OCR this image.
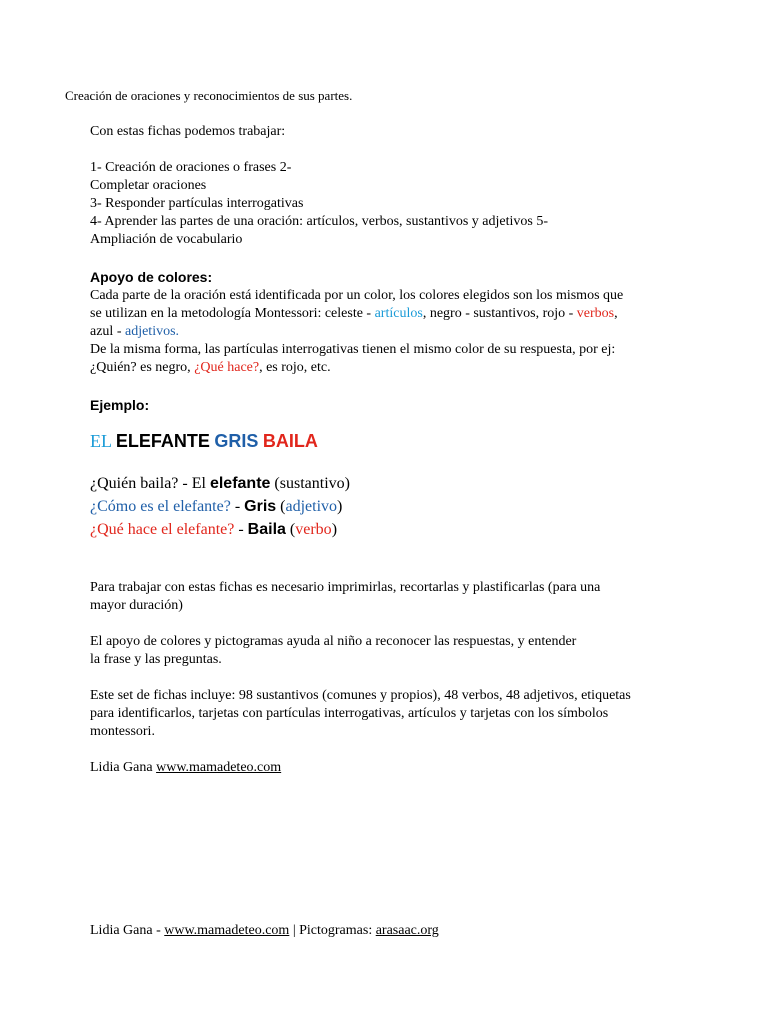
Creación de oraciones y reconocimientos de sus partes.
Con estas fichas podemos trabajar:
1- Creación de oraciones o frases 2-
Completar oraciones
3- Responder partículas interrogativas
4- Aprender las partes de una oración: artículos, verbos, sustantivos y adjetivos 5-
Ampliación de vocabulario
Apoyo de colores:
Cada parte de la oración está identificada por un color, los colores elegidos son los mismos que
se utilizan en la metodología Montessori: celeste - artículos, negro - sustantivos, rojo - verbos,
azul - adjetivos.
De la misma forma, las partículas interrogativas tienen el mismo color de su respuesta, por ej:
¿Quién? es negro, ¿Qué hace?, es rojo, etc.
Ejemplo:
EL ELEFANTE GRIS BAILA
¿Quién baila? - El elefante (sustantivo)
¿Cómo es el elefante? - Gris (adjetivo)
¿Qué hace el elefante? - Baila (verbo)
Para trabajar con estas fichas es necesario imprimirlas, recortarlas y plastificarlas (para una
mayor duración)
El apoyo de colores y pictogramas ayuda al niño a reconocer las respuestas, y entender
la frase y las preguntas.
Este set de fichas incluye: 98 sustantivos (comunes y propios), 48 verbos, 48 adjetivos, etiquetas
para identificarlos, tarjetas con partículas interrogativas, artículos y tarjetas con los símbolos
montessori.
Lidia Gana www.mamadeteo.com
Lidia Gana - www.mamadeteo.com | Pictogramas: arasaac.org
